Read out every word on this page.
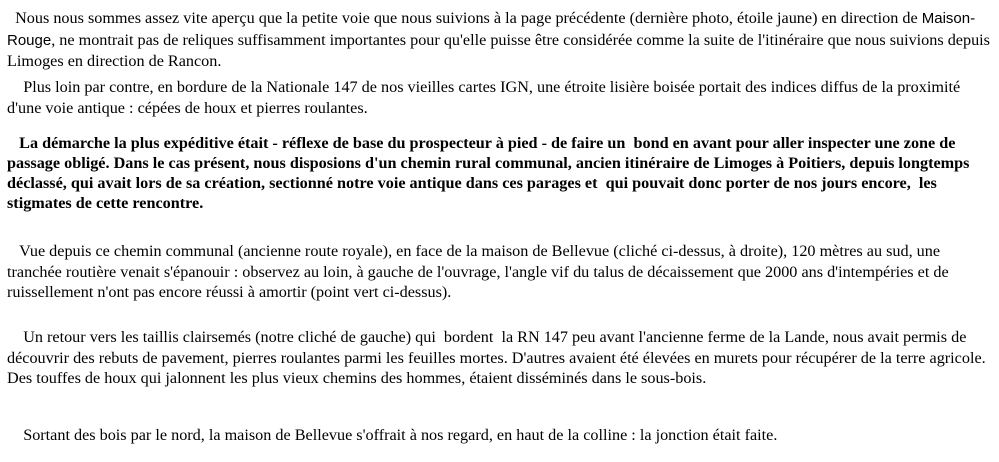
Nous nous sommes assez vite aperçu que la petite voie que nous suivions à la page précédente (dernière photo, étoile jaune) en direction de Maison-Rouge, ne montrait pas de reliques suffisamment importantes pour qu'elle puisse être considérée comme la suite de l'itinéraire que nous suivions depuis Limoges en direction de Rancon.

Plus loin par contre, en bordure de la Nationale 147 de nos vieilles cartes IGN, une étroite lisière boisée portait des indices diffus de la proximité d'une voie antique : cépées de houx et pierres roulantes.

La démarche la plus expéditive était - réflexe de base du prospecteur à pied - de faire un  bond en avant pour aller inspecter une zone de passage obligé. Dans le cas présent, nous disposions d'un chemin rural communal, ancien itinéraire de Limoges à Poitiers, depuis longtemps déclassé, qui avait lors de sa création, sectionné notre voie antique dans ces parages et  qui pouvait donc porter de nos jours encore,  les stigmates de cette rencontre.

Vue depuis ce chemin communal (ancienne route royale), en face de la maison de Bellevue (cliché ci-dessus, à droite), 120 mètres au sud, une tranchée routière venait s'épanouir : observez au loin, à gauche de l'ouvrage, l'angle vif du talus de décaissement que 2000 ans d'intempéries et de ruissellement n'ont pas encore réussi à amortir (point vert ci-dessus).

Un retour vers les taillis clairsemés (notre cliché de gauche) qui  bordent  la RN 147 peu avant l'ancienne ferme de la Lande, nous avait permis de découvrir des rebuts de pavement, pierres roulantes parmi les feuilles mortes. D'autres avaient été élevées en murets pour récupérer de la terre agricole. Des touffes de houx qui jalonnent les plus vieux chemins des hommes, étaient disséminés dans le sous-bois.

Sortant des bois par le nord, la maison de Bellevue s'offrait à nos regard, en haut de la colline : la jonction était faite.
